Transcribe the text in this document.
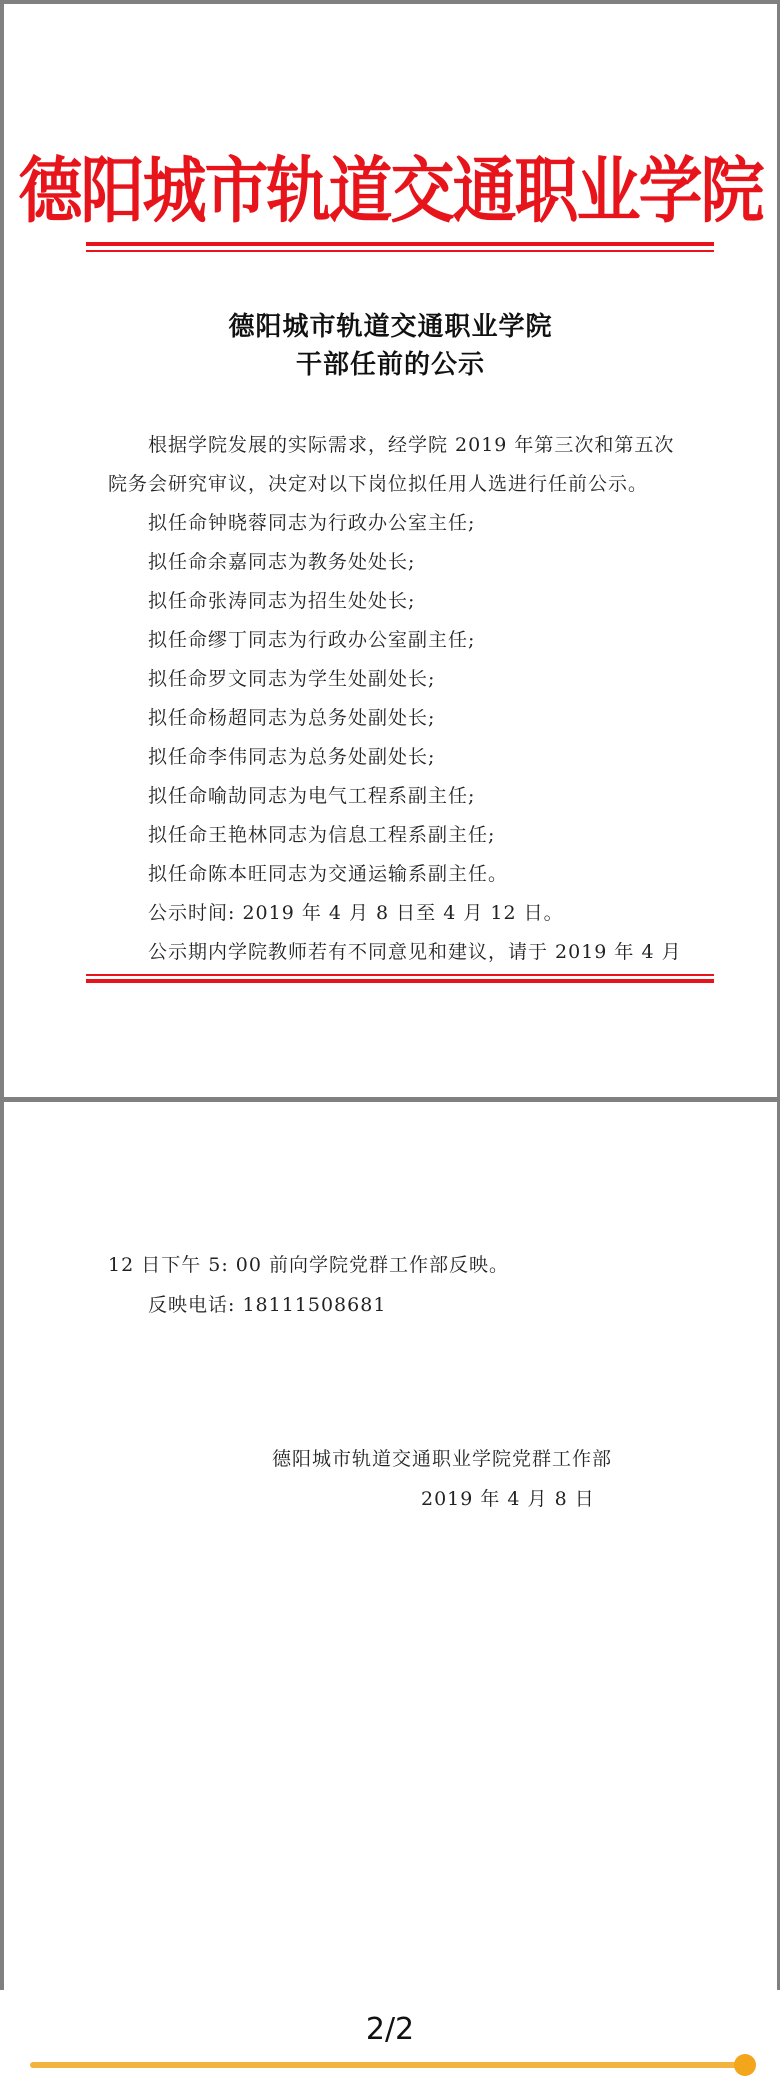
德阳城市轨道交通职业学院
德阳城市轨道交通职业学院
干部任前的公示
根据学院发展的实际需求，经学院 2019 年第三次和第五次
院务会研究审议，决定对以下岗位拟任用人选进行任前公示。
拟任命钟晓蓉同志为行政办公室主任;
拟任命余嘉同志为教务处处长;
拟任命张涛同志为招生处处长;
拟任命缪丁同志为行政办公室副主任;
拟任命罗文同志为学生处副处长;
拟任命杨超同志为总务处副处长;
拟任命李伟同志为总务处副处长;
拟任命喻劼同志为电气工程系副主任;
拟任命王艳林同志为信息工程系副主任;
拟任命陈本旺同志为交通运输系副主任。
公示时间: 2019 年 4 月 8 日至 4 月 12 日。
公示期内学院教师若有不同意见和建议，请于 2019 年 4 月
12 日下午 5: 00 前向学院党群工作部反映。
反映电话: 18111508681
德阳城市轨道交通职业学院党群工作部
2019 年 4 月 8 日
2/2
